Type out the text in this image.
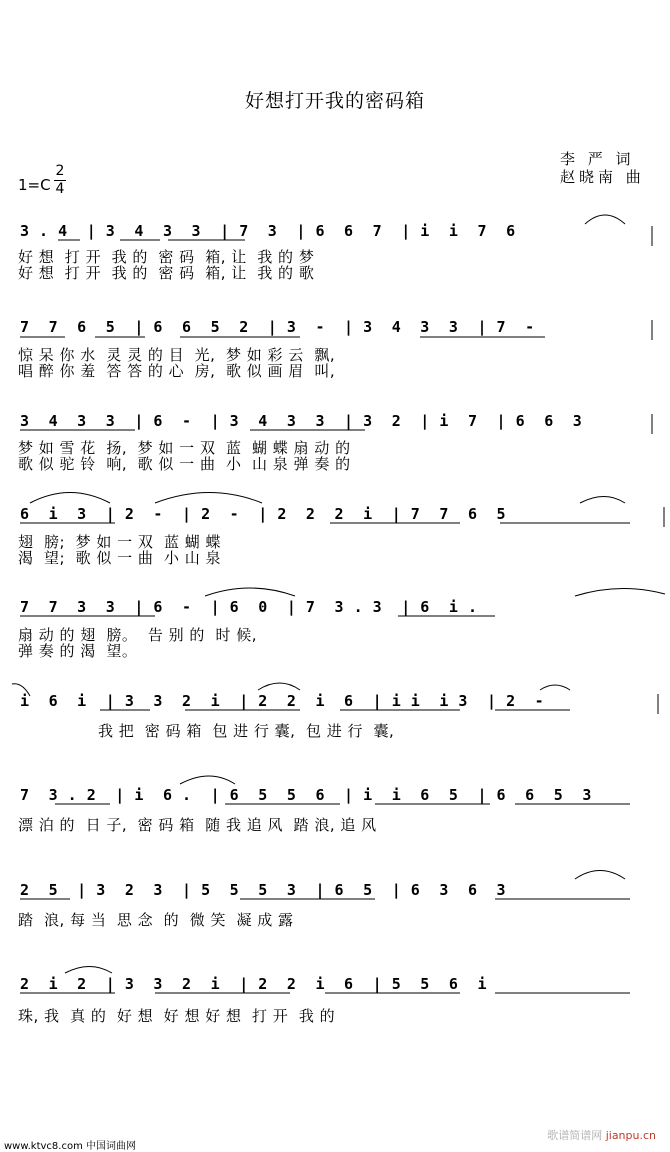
好想打开我的密码箱
李 严 词
赵晓南 曲
1=C
2
4
3 . 4  | 3  4  3  3  | 7  3  | 6  6  7  | i  i  7  6
好 想  打 开  我 的  密 码  箱, 让  我 的 梦
好 想  打 开  我 的  密 码  箱, 让  我 的 歌
7  7  6  5  | 6  6  5  2  | 3  -  | 3  4  3  3  | 7  -
惊 呆 你 水  灵 灵 的 目  光,  梦 如 彩 云  飘,
唱 醉 你 羞  答 答 的 心  房,  歌 似 画 眉  叫,
3  4  3  3  | 6  -  | 3  4  3  3  | 3  2  | i  7  | 6  6  3
梦 如 雪 花  扬,  梦 如 一 双  蓝  蝴 蝶 扇 动 的
歌 似 驼 铃  响,  歌 似 一 曲  小  山 泉 弹 奏 的
6  i  3  | 2  -  | 2  -  | 2  2  2  i  | 7  7  6  5
翅  膀;  梦 如 一 双  蓝 蝴 蝶
渴  望;  歌 似 一 曲  小 山 泉
7  7  3  3  | 6  -  | 6  0  | 7  3 . 3  | 6  i .
扇 动 的 翅  膀。  告 别 的  时 候,
弹 奏 的 渴  望。
i  6  i  | 3  3  2  i  | 2  2  i  6  | i i  i 3  | 2  -
我 把  密 码 箱  包 进 行 囊,  包 进 行  囊,
7  3 . 2  | i  6 .  | 6  5  5  6  | i  i  6  5  | 6  6  5  3
漂 泊 的  日 子,  密 码 箱  随 我 追 风  踏 浪, 追 风
2  5  | 3  2  3  | 5  5  5  3  | 6  5  | 6  3  6  3
踏  浪, 每 当  思 念  的  微 笑  凝 成 露
2  i  2  | 3  3  2  i  | 2  2  i  6  | 5  5  6  i
珠, 我  真 的  好 想  好 想 好 想  打 开  我 的
www.ktvc8.com 中国词曲网
歌谱简谱网 jianpu.cn
